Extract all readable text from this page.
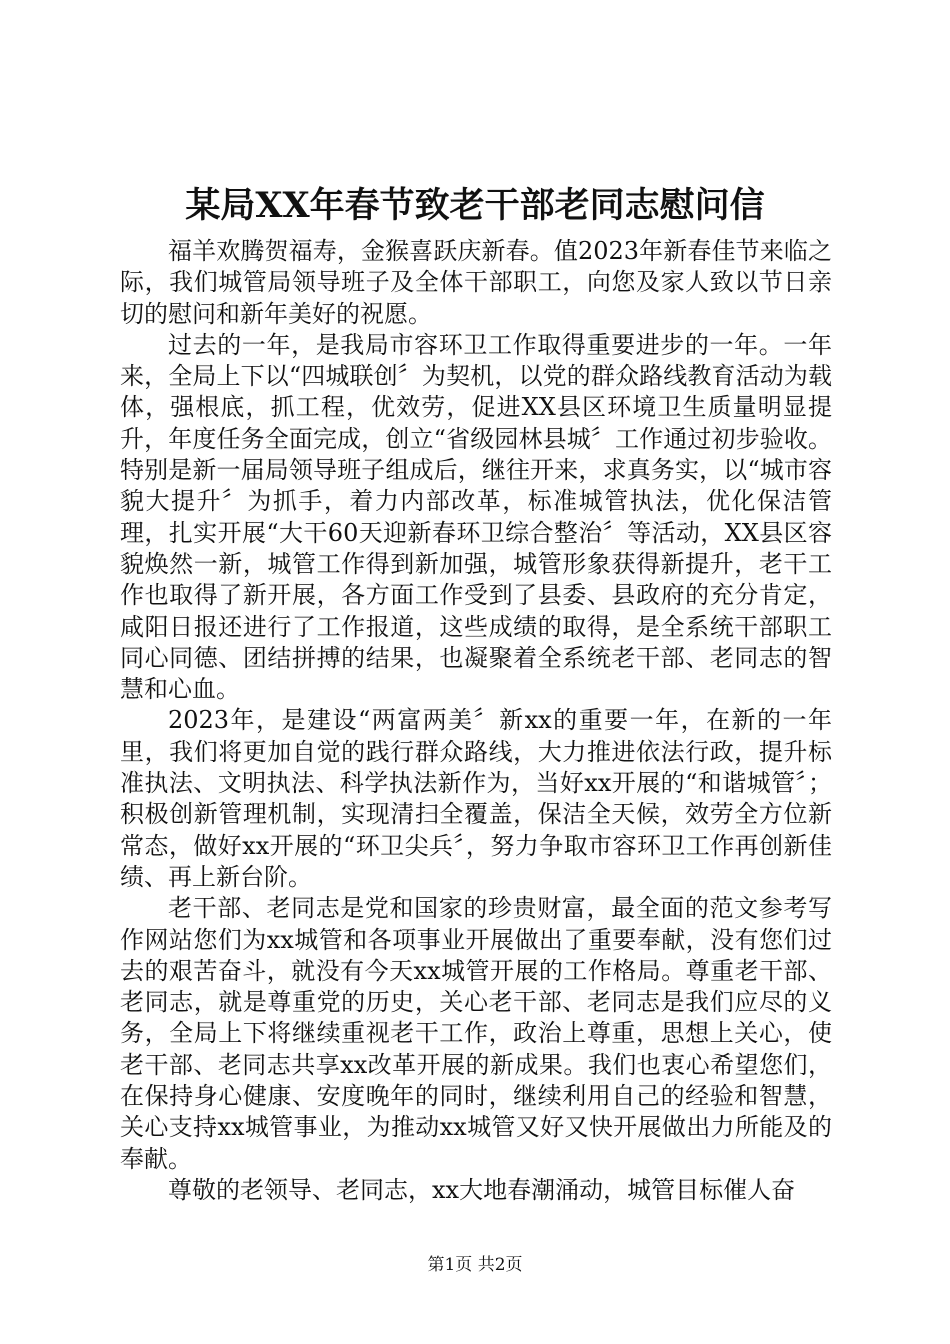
某局XX年春节致老干部老同志慰问信

福羊欢腾贺福寿，金猴喜跃庆新春。值2023年新春佳节来临之际，我们城管局领导班子及全体干部职工，向您及家人致以节日亲切的慰问和新年美好的祝愿。

过去的一年，是我局市容环卫工作取得重要进步的一年。一年来，全局上下以“四城联创〞为契机，以党的群众路线教育活动为载体，强根底，抓工程，优效劳，促进XX县区环境卫生质量明显提升，年度任务全面完成，创立“省级园林县城〞工作通过初步验收。特别是新一届局领导班子组成后，继往开来，求真务实，以“城市容貌大提升〞为抓手，着力内部改革，标准城管执法，优化保洁管理，扎实开展“大干60天迎新春环卫综合整治〞等活动，XX县区容貌焕然一新，城管工作得到新加强，城管形象获得新提升，老干工作也取得了新开展，各方面工作受到了县委、县政府的充分肯定，咸阳日报还进行了工作报道，这些成绩的取得，是全系统干部职工同心同德、团结拼搏的结果，也凝聚着全系统老干部、老同志的智慧和心血。

2023年，是建设“两富两美〞新xx的重要一年，在新的一年里，我们将更加自觉的践行群众路线，大力推进依法行政，提升标准执法、文明执法、科学执法新作为，当好xx开展的“和谐城管〞；积极创新管理机制，实现清扫全覆盖，保洁全天候，效劳全方位新常态，做好xx开展的“环卫尖兵〞，努力争取市容环卫工作再创新佳绩、再上新台阶。

老干部、老同志是党和国家的珍贵财富，最全面的范文参考写作网站您们为xx城管和各项事业开展做出了重要奉献，没有您们过去的艰苦奋斗，就没有今天xx城管开展的工作格局。尊重老干部、老同志，就是尊重党的历史，关心老干部、老同志是我们应尽的义务，全局上下将继续重视老干工作，政治上尊重，思想上关心，使老干部、老同志共享xx改革开展的新成果。我们也衷心希望您们，在保持身心健康、安度晚年的同时，继续利用自己的经验和智慧，关心支持xx城管事业，为推动xx城管又好又快开展做出力所能及的奉献。

尊敬的老领导、老同志，xx大地春潮涌动，城管目标催人奋

第1页 共2页
